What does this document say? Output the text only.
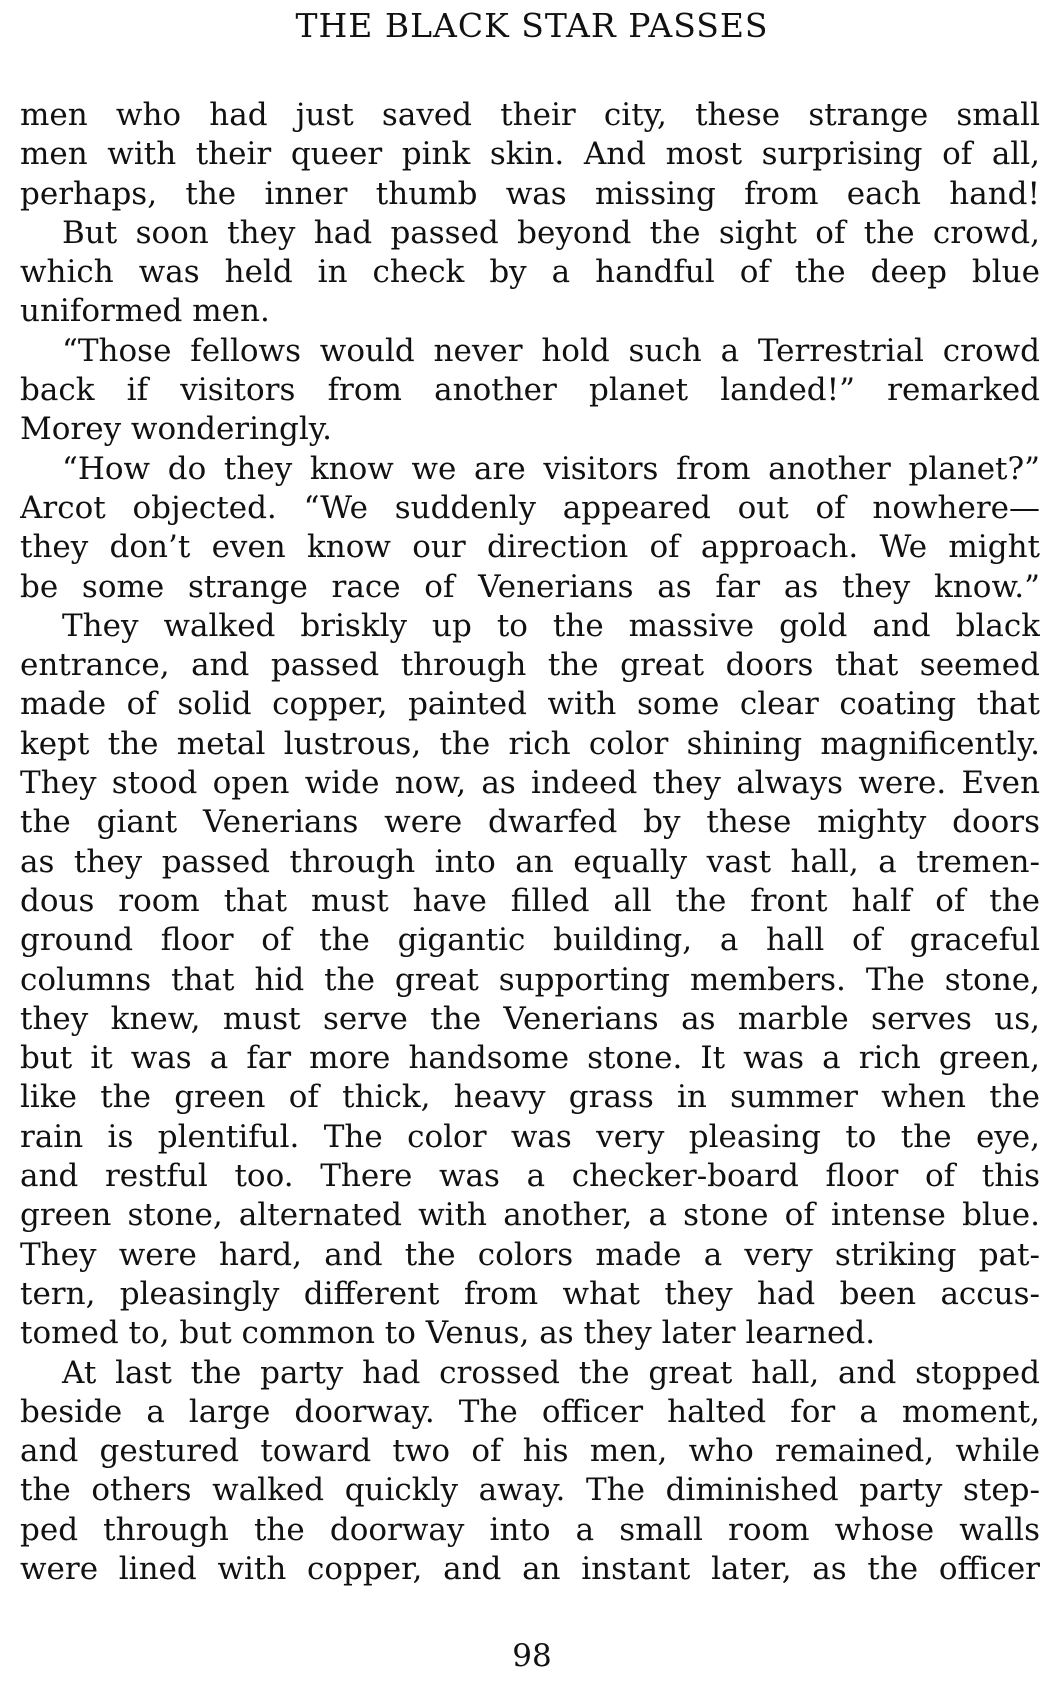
THE BLACK STAR PASSES
men who had just saved their city, these strange small
men with their queer pink skin. And most surprising of all,
perhaps, the inner thumb was missing from each hand!
But soon they had passed beyond the sight of the crowd,
which was held in check by a handful of the deep blue
uniformed men.
“Those fellows would never hold such a Terrestrial crowd
back if visitors from another planet landed!” remarked
Morey wonderingly.
“How do they know we are visitors from another planet?”
Arcot objected. “We suddenly appeared out of nowhere—
they don’t even know our direction of approach. We might
be some strange race of Venerians as far as they know.”
They walked briskly up to the massive gold and black
entrance, and passed through the great doors that seemed
made of solid copper, painted with some clear coating that
kept the metal lustrous, the rich color shining magnificently.
They stood open wide now, as indeed they always were. Even
the giant Venerians were dwarfed by these mighty doors
as they passed through into an equally vast hall, a tremen-
dous room that must have filled all the front half of the
ground floor of the gigantic building, a hall of graceful
columns that hid the great supporting members. The stone,
they knew, must serve the Venerians as marble serves us,
but it was a far more handsome stone. It was a rich green,
like the green of thick, heavy grass in summer when the
rain is plentiful. The color was very pleasing to the eye,
and restful too. There was a checker-board floor of this
green stone, alternated with another, a stone of intense blue.
They were hard, and the colors made a very striking pat-
tern, pleasingly different from what they had been accus-
tomed to, but common to Venus, as they later learned.
At last the party had crossed the great hall, and stopped
beside a large doorway. The officer halted for a moment,
and gestured toward two of his men, who remained, while
the others walked quickly away. The diminished party step-
ped through the doorway into a small room whose walls
were lined with copper, and an instant later, as the officer
98
